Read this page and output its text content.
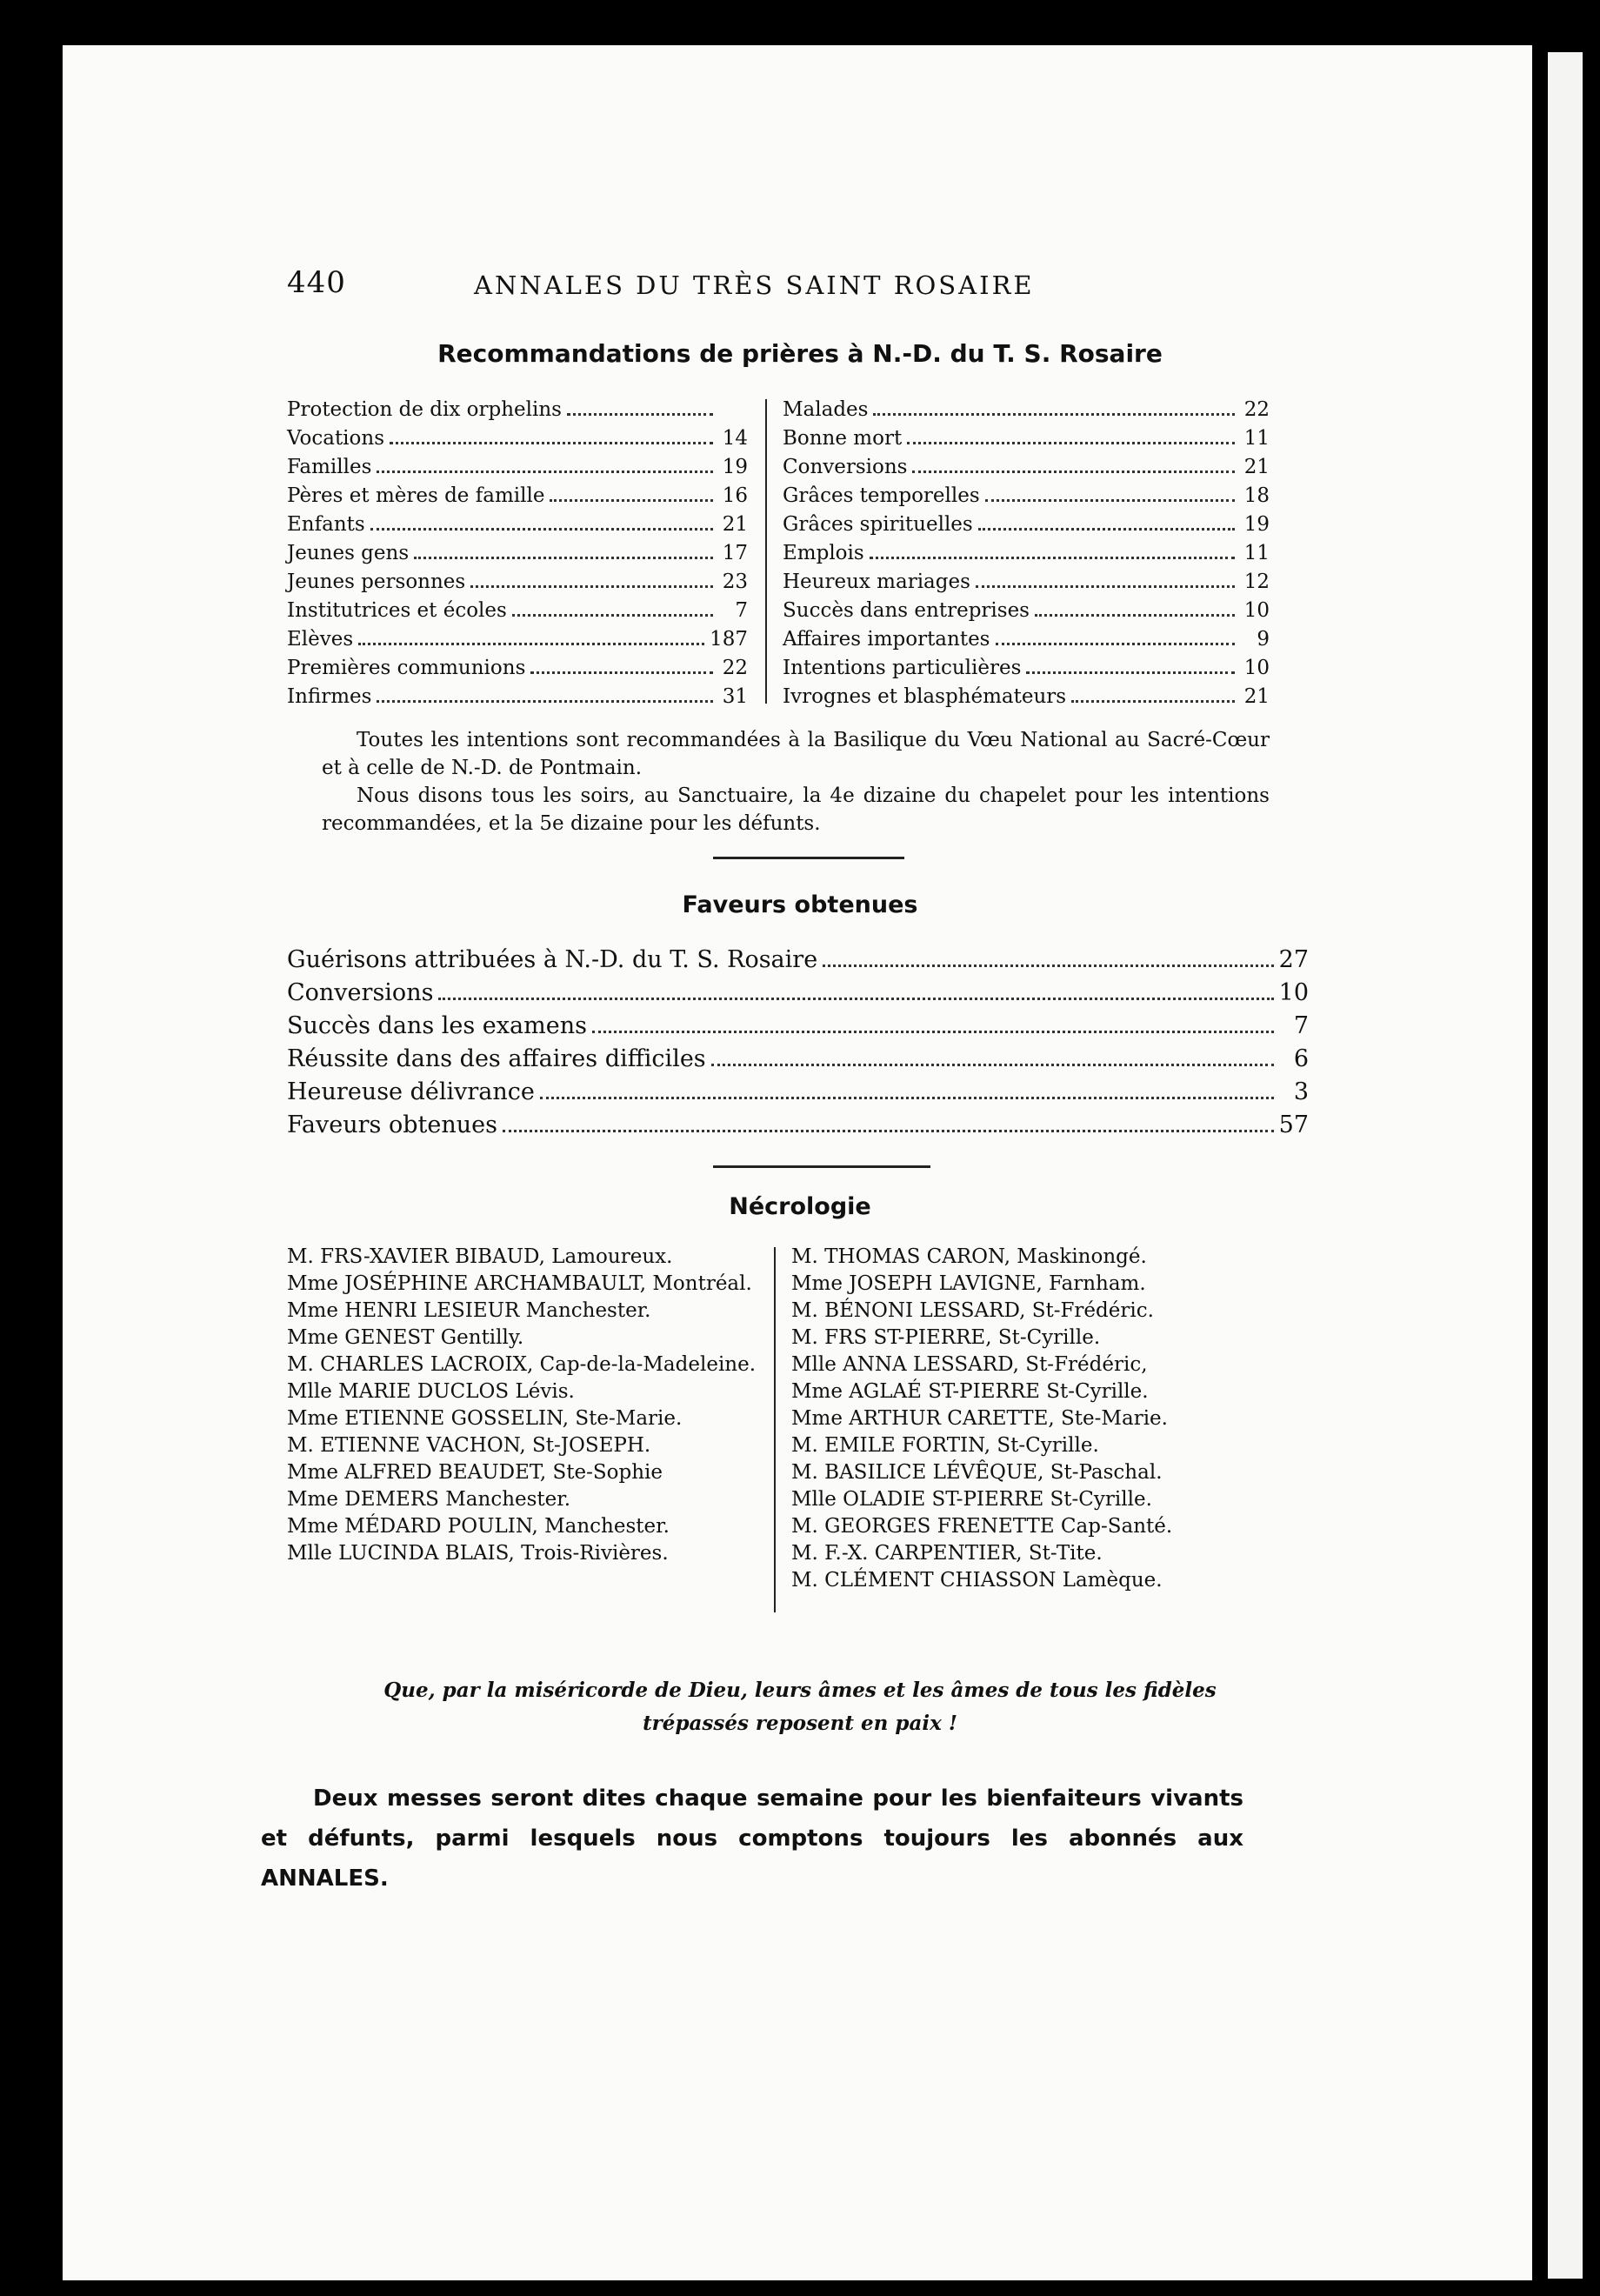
440	ANNALES DU TRÈS SAINT ROSAIRE
Recommandations de prières à N.-D. du T. S. Rosaire
Protection de dix orphelins
Vocations	14
Familles	19
Pères et mères de famille	16
Enfants	21
Jeunes gens	17
Jeunes personnes	23
Institutrices et écoles	7
Elèves	187
Premières communions	22
Infirmes	31
Malades	22
Bonne mort	11
Conversions	21
Grâces temporelles	18
Grâces spirituelles	19
Emplois	11
Heureux mariages	12
Succès dans entreprises	10
Affaires importantes	9
Intentions particulières	10
Ivrognes et blasphémateurs	21

Toutes les intentions sont recommandées à la Basilique du Vœu National au Sacré-Cœur et à celle de N.-D. de Pontmain.

Nous disons tous les soirs, au Sanctuaire, la 4e dizaine du chapelet pour les intentions recommandées, et la 5e dizaine pour les défunts.

Faveurs obtenues
Guérisons attribuées à N.-D. du T. S. Rosaire	27
Conversions	10
Succès dans les examens	7
Réussite dans des affaires difficiles	6
Heureuse délivrance	3
Faveurs obtenues	57
Nécrologie
M. FRS-XAVIER BIBAUD, Lamoureux.
Mme JOSÉPHINE ARCHAMBAULT, Montréal.
Mme HENRI LESIEUR Manchester.
Mme GENEST Gentilly.
M. CHARLES LACROIX, Cap-de-la-Madeleine.
Mlle MARIE DUCLOS Lévis.
Mme ETIENNE GOSSELIN, Ste-Marie.
M. ETIENNE VACHON, St-JOSEPH.
Mme ALFRED BEAUDET, Ste-Sophie
Mme DEMERS Manchester.
Mme MÉDARD POULIN, Manchester.
Mlle LUCINDA BLAIS, Trois-Rivières.
M. THOMAS CARON, Maskinongé.
Mme JOSEPH LAVIGNE, Farnham.
M. BÉNONI LESSARD, St-Frédéric.
M. FRS ST-PIERRE, St-Cyrille.
Mlle ANNA LESSARD, St-Frédéric,
Mme AGLAÉ ST-PIERRE St-Cyrille.
Mme ARTHUR CARETTE, Ste-Marie.
M. EMILE FORTIN, St-Cyrille.
M. BASILICE LÉVÊQUE, St-Paschal.
Mlle OLADIE ST-PIERRE St-Cyrille.
M. GEORGES FRENETTE Cap-Santé.
M. F.-X. CARPENTIER, St-Tite.
M. CLÉMENT CHIASSON Lamèque.
Que, par la miséricorde de Dieu, leurs âmes et les âmes de tous les fidèles trépassés reposent en paix !

Deux messes seront dites chaque semaine pour les bienfaiteurs vivants et défunts, parmi lesquels nous comptons toujours les abonnés aux ANNALES.
